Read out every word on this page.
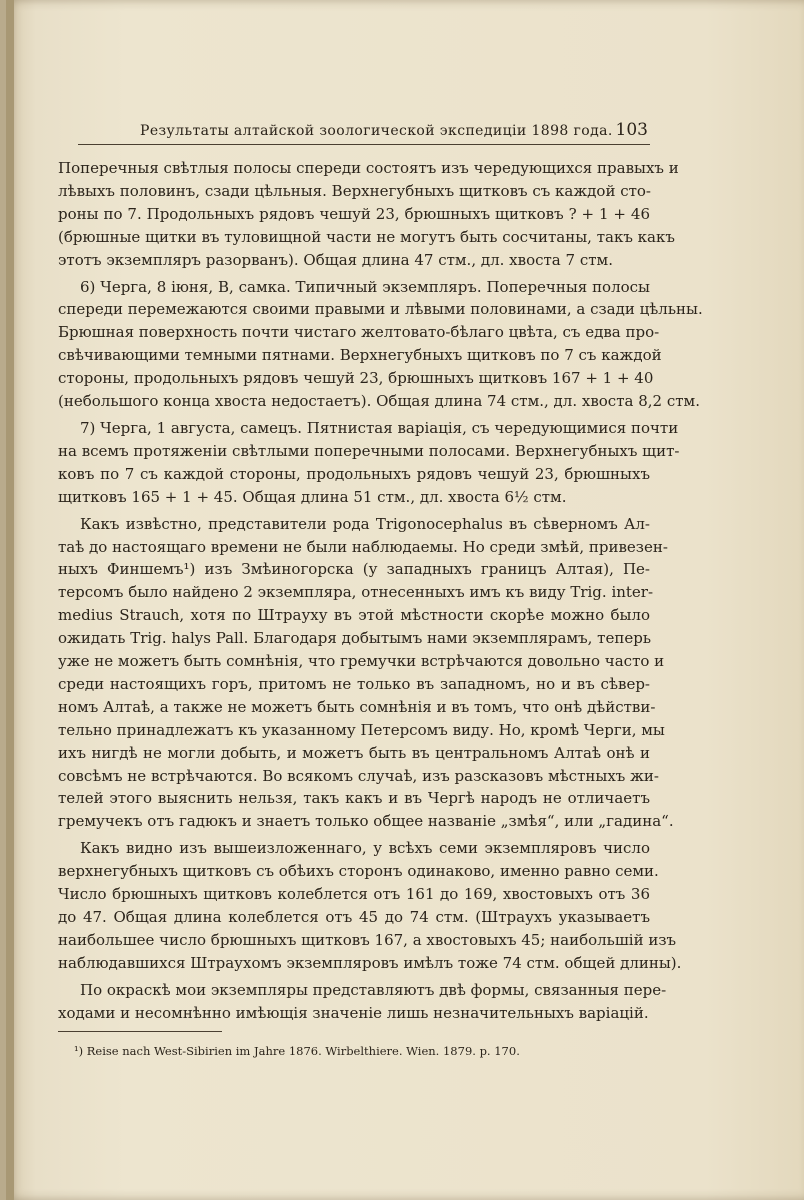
Результаты алтайской зоологической экспедиціи 1898 года. 103
Поперечныя свѣтлыя полосы спереди состоятъ изъ чередующихся правыхъ и
лѣвыхъ половинъ, сзади цѣльныя. Верхнегубныхъ щитковъ съ каждой сто-
роны по 7. Продольныхъ рядовъ чешуй 23, брюшныхъ щитковъ ? + 1 + 46
(брюшные щитки въ туловищной части не могутъ быть сосчитаны, такъ какъ
этотъ экземпляръ разорванъ). Общая длина 47 стм., дл. хвоста 7 стм.
6) Черга, 8 іюня, В, самка. Типичный экземпляръ. Поперечныя полосы
спереди перемежаются своими правыми и лѣвыми половинами, а сзади цѣльны.
Брюшная поверхность почти чистаго желтовато-бѣлаго цвѣта, съ едва про-
свѣчивающими темными пятнами. Верхнегубныхъ щитковъ по 7 съ каждой
стороны, продольныхъ рядовъ чешуй 23, брюшныхъ щитковъ 167 + 1 + 40
(небольшого конца хвоста недостаетъ). Общая длина 74 стм., дл. хвоста 8,2 стм.
7) Черга, 1 августа, самецъ. Пятнистая варіація, съ чередующимися почти
на всемъ протяженіи свѣтлыми поперечными полосами. Верхнегубныхъ щит-
ковъ по 7 съ каждой стороны, продольныхъ рядовъ чешуй 23, брюшныхъ
щитковъ 165 + 1 + 45. Общая длина 51 стм., дл. хвоста 6½ стм.
Какъ извѣстно, представители рода Trigonocephalus въ сѣверномъ Ал-
таѣ до настоящаго времени не были наблюдаемы. Но среди змѣй, привезен-
ныхъ Финшемъ¹) изъ Змѣиногорска (у западныхъ границъ Алтая), Пе-
терсомъ было найдено 2 экземпляра, отнесенныхъ имъ къ виду Trig. inter-
medius Strauch, хотя по Штрауху въ этой мѣстности скорѣе можно было
ожидать Trig. halys Pall. Благодаря добытымъ нами экземплярамъ, теперь
уже не можетъ быть сомнѣнія, что гремучки встрѣчаются довольно часто и
среди настоящихъ горъ, притомъ не только въ западномъ, но и въ сѣвер-
номъ Алтаѣ, а также не можетъ быть сомнѣнія и въ томъ, что онѣ дѣйстви-
тельно принадлежатъ къ указанному Петерсомъ виду. Но, кромѣ Черги, мы
ихъ нигдѣ не могли добыть, и можетъ быть въ центральномъ Алтаѣ онѣ и
совсѣмъ не встрѣчаются. Во всякомъ случаѣ, изъ разсказовъ мѣстныхъ жи-
телей этого выяснить нельзя, такъ какъ и въ Чергѣ народъ не отличаетъ
гремучекъ отъ гадюкъ и знаетъ только общее названіе „змѣя“, или „гадина“.
Какъ видно изъ вышеизложеннаго, у всѣхъ семи экземпляровъ число
верхнегубныхъ щитковъ съ обѣихъ сторонъ одинаково, именно равно семи.
Число брюшныхъ щитковъ колеблется отъ 161 до 169, хвостовыхъ отъ 36
до 47. Общая длина колеблется отъ 45 до 74 стм. (Штраухъ указываетъ
наибольшее число брюшныхъ щитковъ 167, а хвостовыхъ 45; наибольшій изъ
наблюдавшихся Штраухомъ экземпляровъ имѣлъ тоже 74 стм. общей длины).
По окраскѣ мои экземпляры представляютъ двѣ формы, связанныя пере-
ходами и несомнѣнно имѣющія значеніе лишь незначительныхъ варіацій.
¹) Reise nach West-Sibirien im Jahre 1876. Wirbelthiere. Wien. 1879. p. 170.
